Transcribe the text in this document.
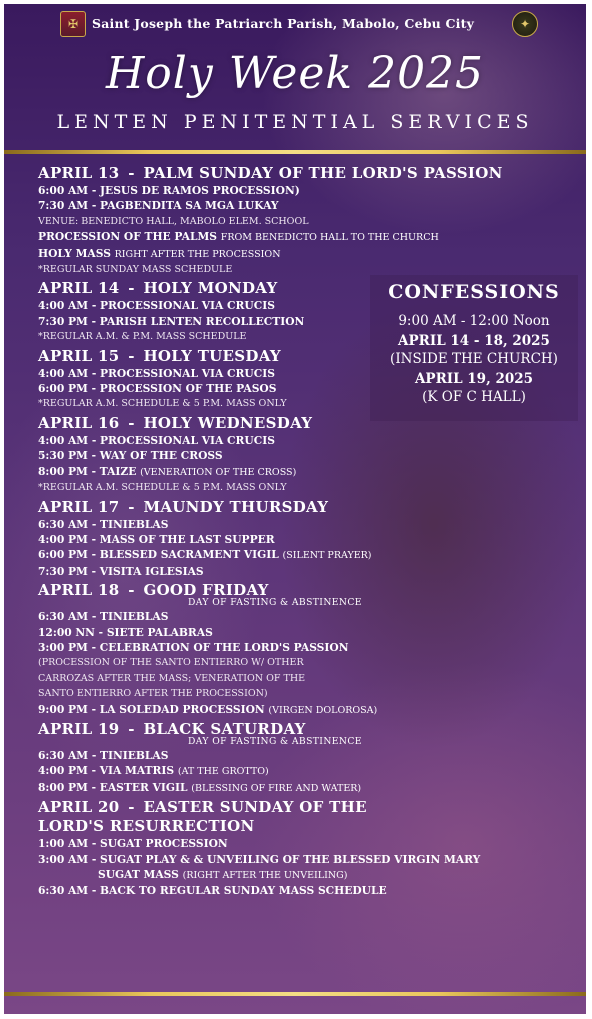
✠	Saint Joseph the Patriarch Parish, Mabolo, Cebu City	✦
Holy Week 2025
LENTEN PENITENTIAL SERVICES
APRIL 13 - PALM SUNDAY OF THE LORD'S PASSION
6:00 AM - JESUS DE RAMOS PROCESSION)
7:30 AM - PAGBENDITA SA MGA LUKAY
VENUE: BENEDICTO HALL, MABOLO ELEM. SCHOOL
PROCESSION OF THE PALMS FROM BENEDICTO HALL TO THE CHURCH
HOLY MASS RIGHT AFTER THE PROCESSION
*REGULAR SUNDAY MASS SCHEDULE
APRIL 14 - HOLY MONDAY
4:00 AM - PROCESSIONAL VIA CRUCIS
7:30 PM - PARISH LENTEN RECOLLECTION
*REGULAR A.M. & P.M. MASS SCHEDULE
APRIL 15 - HOLY TUESDAY
4:00 AM - PROCESSIONAL VIA CRUCIS
6:00 PM - PROCESSION OF THE PASOS
*REGULAR A.M. SCHEDULE & 5 P.M. MASS ONLY
APRIL 16 - HOLY WEDNESDAY
4:00 AM - PROCESSIONAL VIA CRUCIS
5:30 PM - WAY OF THE CROSS
8:00 PM - TAIZE (VENERATION OF THE CROSS)
*REGULAR A.M. SCHEDULE & 5 P.M. MASS ONLY
APRIL 17 - MAUNDY THURSDAY
6:30 AM - TINIEBLAS
4:00 PM - MASS OF THE LAST SUPPER
6:00 PM - BLESSED SACRAMENT VIGIL (SILENT PRAYER)
7:30 PM - VISITA IGLESIAS
APRIL 18 - GOOD FRIDAY
DAY OF FASTING & ABSTINENCE
6:30 AM - TINIEBLAS
12:00 NN - SIETE PALABRAS
3:00 PM - CELEBRATION OF THE LORD'S PASSION
(PROCESSION OF THE SANTO ENTIERRO W/ OTHER
CARROZAS AFTER THE MASS; VENERATION OF THE
SANTO ENTIERRO AFTER THE PROCESSION)
9:00 PM - LA SOLEDAD PROCESSION (VIRGEN DOLOROSA)
APRIL 19 - BLACK SATURDAY
DAY OF FASTING & ABSTINENCE
6:30 AM - TINIEBLAS
4:00 PM - VIA MATRIS (AT THE GROTTO)
8:00 PM - EASTER VIGIL (BLESSING OF FIRE AND WATER)
APRIL 20 - EASTER SUNDAY OF THE
LORD'S RESURRECTION
1:00 AM - SUGAT PROCESSION
3:00 AM - SUGAT PLAY & & UNVEILING OF THE BLESSED VIRGIN MARY
SUGAT MASS (RIGHT AFTER THE UNVEILING)
6:30 AM - BACK TO REGULAR SUNDAY MASS SCHEDULE
CONFESSIONS
9:00 AM - 12:00 Noon
APRIL 14 - 18, 2025
(INSIDE THE CHURCH)
APRIL 19, 2025
(K OF C HALL)
